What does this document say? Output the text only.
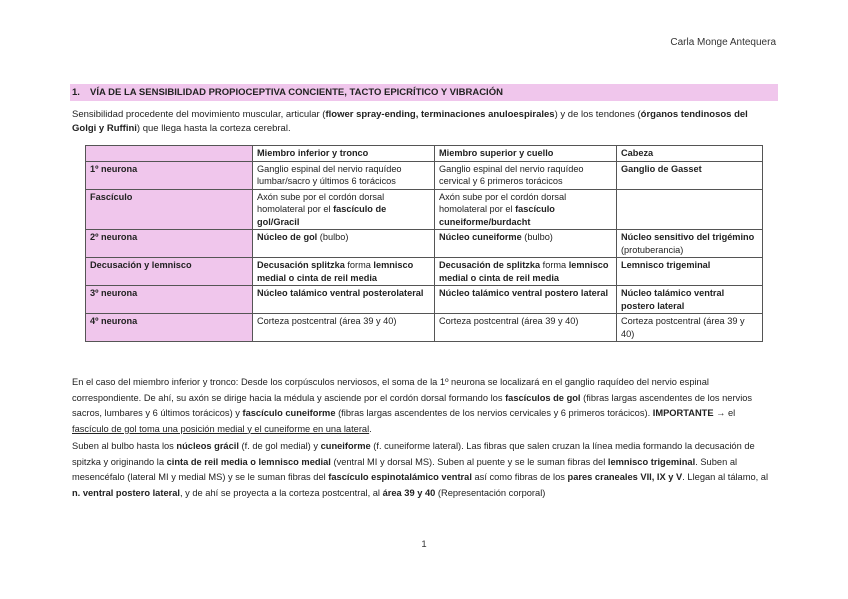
Carla Monge Antequera
1. VÍA DE LA SENSIBILIDAD PROPIOCEPTIVA CONCIENTE, TACTO EPICRÍTICO Y VIBRACIÓN
Sensibilidad procedente del movimiento muscular, articular (flower spray-ending, terminaciones anuloespirales) y de los tendones (órganos tendinosos del Golgi y Ruffini) que llega hasta la corteza cerebral.
	Miembro inferior y tronco	Miembro superior y cuello	Cabeza
1º neurona	Ganglio espinal del nervio raquídeo lumbar/sacro y últimos 6 torácicos	Ganglio espinal del nervio raquídeo cervical y 6 primeros torácicos	Ganglio de Gasset
Fascículo	Axón sube por el cordón dorsal homolateral por el fascículo de gol/Gracil	Axón sube por el cordón dorsal homolateral por el fascículo cuneiforme/burdacht	
2º neurona	Núcleo de gol (bulbo)	Núcleo cuneiforme (bulbo)	Núcleo sensitivo del trigémino (protuberancia)
Decusación y lemnisco	Decusación splitzka forma lemnisco medial o cinta de reil media	Decusación de splitzka forma lemnisco medial o cinta de reil media	Lemnisco trigeminal
3º neurona	Núcleo talámico ventral posterolateral	Núcleo talámico ventral postero lateral	Núcleo talámico ventral postero lateral
4º neurona	Corteza postcentral (área 39 y 40)	Corteza postcentral (área 39 y 40)	Corteza postcentral (área 39 y 40)
En el caso del miembro inferior y tronco: Desde los corpúsculos nerviosos, el soma de la 1º neurona se localizará en el ganglio raquídeo del nervio espinal correspondiente. De ahí, su axón se dirige hacia la médula y asciende por el cordón dorsal formando los fascículos de gol (fibras largas ascendentes de los nervios sacros, lumbares y 6 últimos torácicos) y fascículo cuneiforme (fibras largas ascendentes de los nervios cervicales y 6 primeros torácicos). IMPORTANTE → el fascículo de gol toma una posición medial y el cuneiforme en una lateral.
Suben al bulbo hasta los núcleos grácil (f. de gol medial) y cuneiforme (f. cuneiforme lateral). Las fibras que salen cruzan la línea media formando la decusación de spitzka y originando la cinta de reil media o lemnisco medial (ventral MI y dorsal MS). Suben al puente y se le suman fibras del lemnisco trigeminal. Suben al mesencéfalo (lateral MI y medial MS) y se le suman fibras del fascículo espinotalámico ventral así como fibras de los pares craneales VII, IX y V. Llegan al tálamo, al n. ventral postero lateral, y de ahí se proyecta a la corteza postcentral, al área 39 y 40 (Representación corporal)
1
